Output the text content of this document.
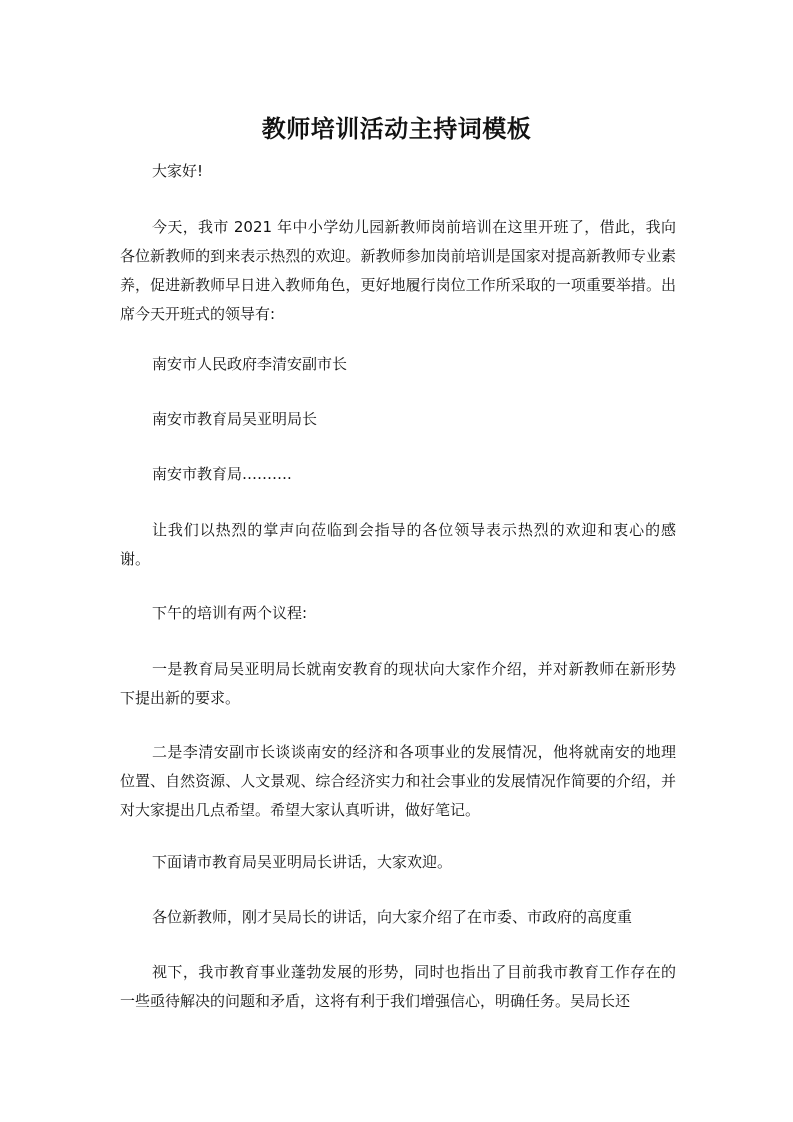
教师培训活动主持词模板

大家好!

今天，我市 2021 年中小学幼儿园新教师岗前培训在这里开班了，借此，我向各位新教师的到来表示热烈的欢迎。新教师参加岗前培训是国家对提高新教师专业素养，促进新教师早日进入教师角色，更好地履行岗位工作所采取的一项重要举措。出席今天开班式的领导有:

南安市人民政府李清安副市长

南安市教育局吴亚明局长

南安市教育局……….

让我们以热烈的掌声向莅临到会指导的各位领导表示热烈的欢迎和衷心的感谢。

下午的培训有两个议程:

一是教育局吴亚明局长就南安教育的现状向大家作介绍，并对新教师在新形势下提出新的要求。

二是李清安副市长谈谈南安的经济和各项事业的发展情况，他将就南安的地理位置、自然资源、人文景观、综合经济实力和社会事业的发展情况作简要的介绍，并对大家提出几点希望。希望大家认真听讲，做好笔记。

下面请市教育局吴亚明局长讲话，大家欢迎。

各位新教师，刚才吴局长的讲话，向大家介绍了在市委、市政府的高度重

视下，我市教育事业蓬勃发展的形势，同时也指出了目前我市教育工作存在的一些亟待解决的问题和矛盾，这将有利于我们增强信心，明确任务。吴局长还
